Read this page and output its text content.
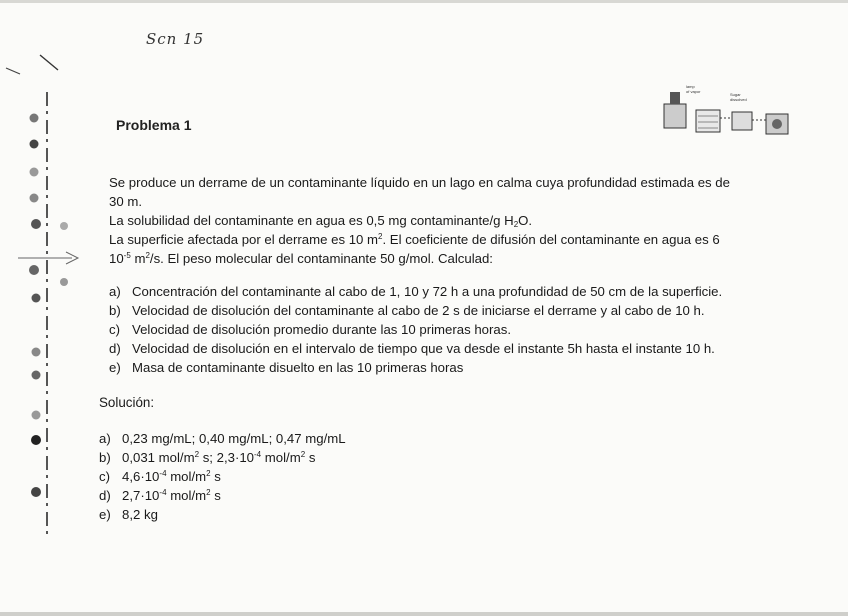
Scn 15
lamp of vapor
Sugar dissolved
Problema 1
Se produce un derrame de un contaminante líquido en un lago en calma cuya profundidad estimada es de
30 m.
La solubilidad del contaminante en agua es 0,5 mg contaminante/g $H_2O$.
La superficie afectada por el derrame es 10 $m^2$. El coeficiente de difusión del contaminante en agua es 6
$10^{-5}$ $m^2/s$. El peso molecular del contaminante 50 g/mol. Calculad:
a) Concentración del contaminante al cabo de 1, 10 y 72 h a una profundidad de 50 cm de la superficie.
b) Velocidad de disolución del contaminante al cabo de 2 s de iniciarse el derrame y al cabo de 10 h.
c) Velocidad de disolución promedio durante las 10 primeras horas.
d) Velocidad de disolución en el intervalo de tiempo que va desde el instante 5h hasta el instante 10 h.
e) Masa de contaminante disuelto en las 10 primeras horas
Solución:
a) 0,23 mg/mL; 0,40 mg/mL; 0,47 mg/mL
b) 0,031 mol/$m^2$ s; $2,3\cdot 10^{-4}$ mol/$m^2$ s
c) $4,6\cdot 10^{-4}$ mol/$m^2$ s
d) $2,7\cdot 10^{-4}$ mol/$m^2$ s
e) 8,2 kg
